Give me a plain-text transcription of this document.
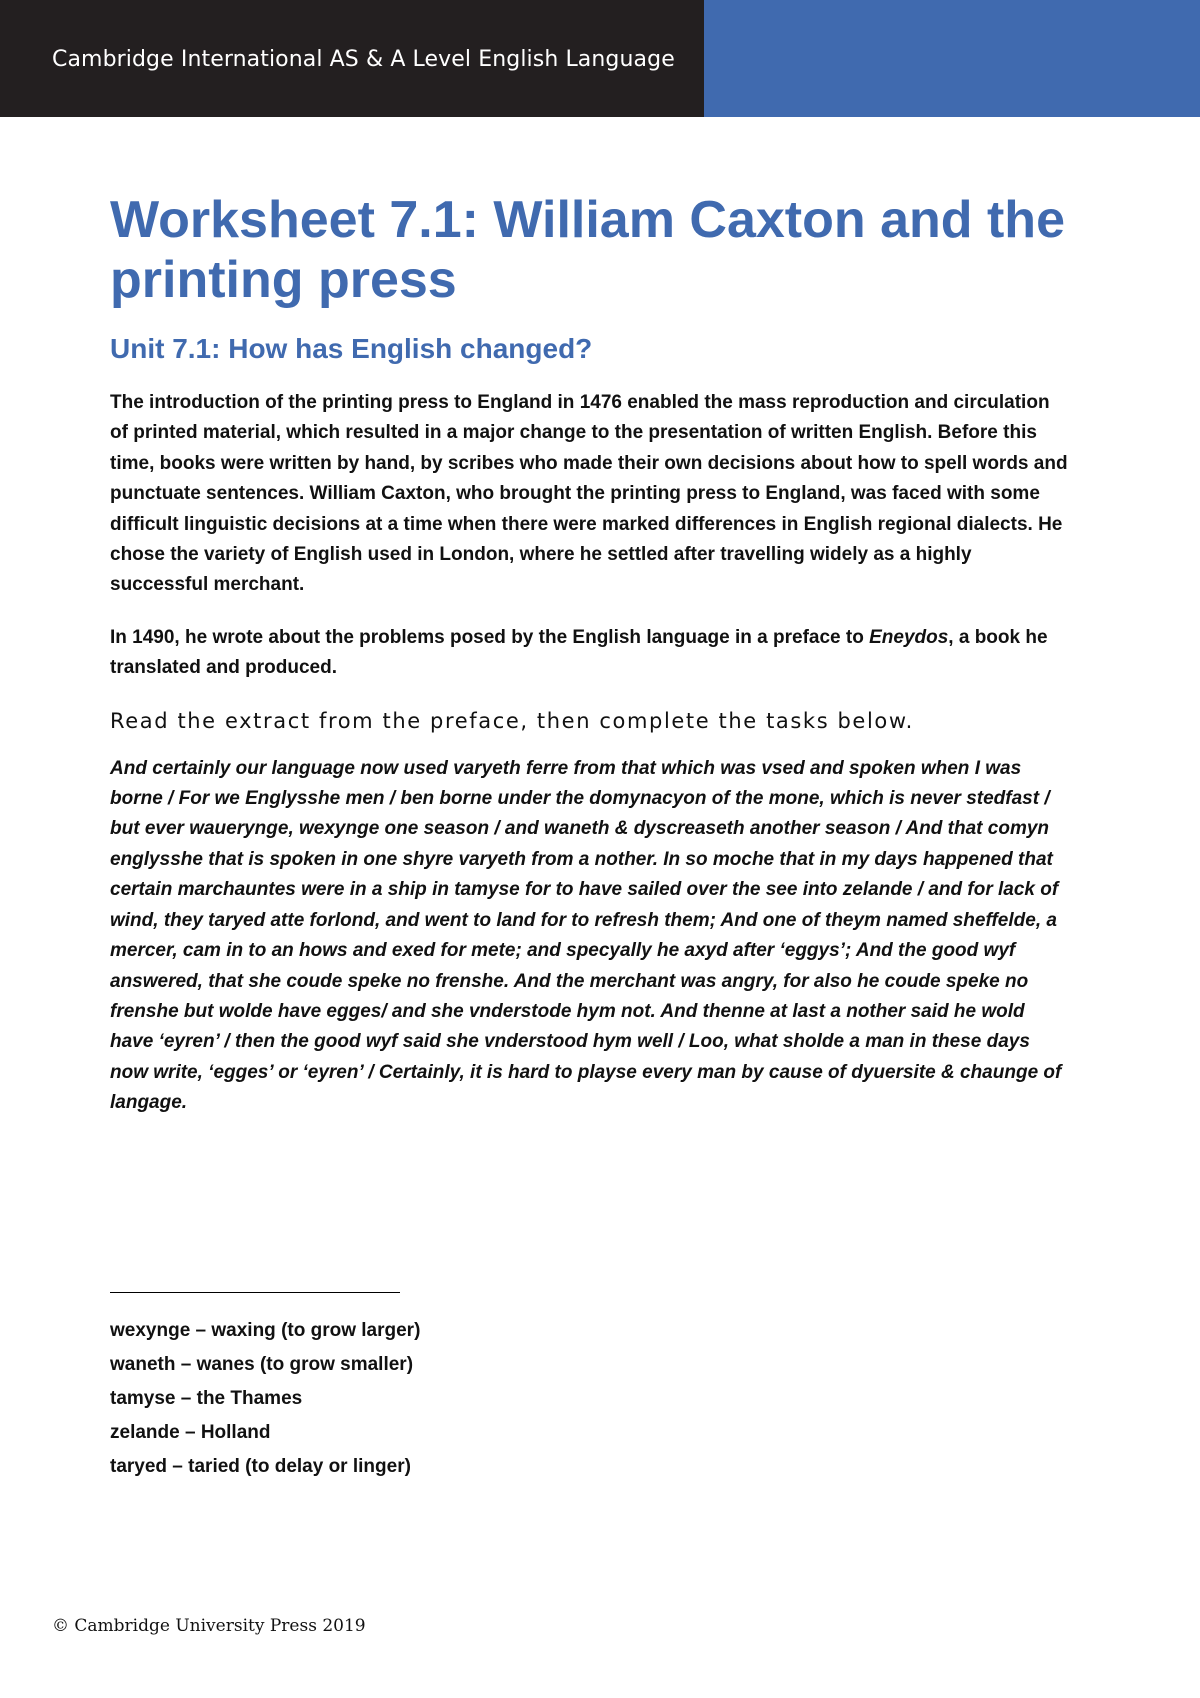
Cambridge International AS & A Level English Language
Worksheet 7.1: William Caxton and the printing press
Unit 7.1: How has English changed?

The introduction of the printing press to England in 1476 enabled the mass reproduction and circulation of printed material, which resulted in a major change to the presentation of written English. Before this time, books were written by hand, by scribes who made their own decisions about how to spell words and punctuate sentences. William Caxton, who brought the printing press to England, was faced with some difficult linguistic decisions at a time when there were marked differences in English regional dialects. He chose the variety of English used in London, where he settled after travelling widely as a highly successful merchant.

In 1490, he wrote about the problems posed by the English language in a preface to Eneydos, a book he translated and produced.

Read the extract from the preface, then complete the tasks below.

And certainly our language now used varyeth ferre from that which was vsed and spoken when I was borne / For we Englysshe men / ben borne under the domynacyon of the mone, which is never stedfast / but ever wauerynge, wexynge one season / and waneth & dyscreaseth another season / And that comyn englysshe that is spoken in one shyre varyeth from a nother. In so moche that in my days happened that certain marchauntes were in a ship in tamyse for to have sailed over the see into zelande / and for lack of wind, they taryed atte forlond, and went to land for to refresh them; And one of theym named sheffelde, a mercer, cam in to an hows and exed for mete; and specyally he axyd after ‘eggys’; And the good wyf answered, that she coude speke no frenshe. And the merchant was angry, for also he coude speke no frenshe but wolde have egges/ and she vnderstode hym not. And thenne at last a nother said he wold have ‘eyren’ / then the good wyf said she vnderstood hym well / Loo, what sholde a man in these days now write, ‘egges’ or ‘eyren’ / Certainly, it is hard to playse every man by cause of dyuersite & chaunge of langage.

wexynge – waxing (to grow larger)
waneth – wanes (to grow smaller)
tamyse – the Thames
zelande – Holland
taryed – taried (to delay or linger)
© Cambridge University Press 2019
